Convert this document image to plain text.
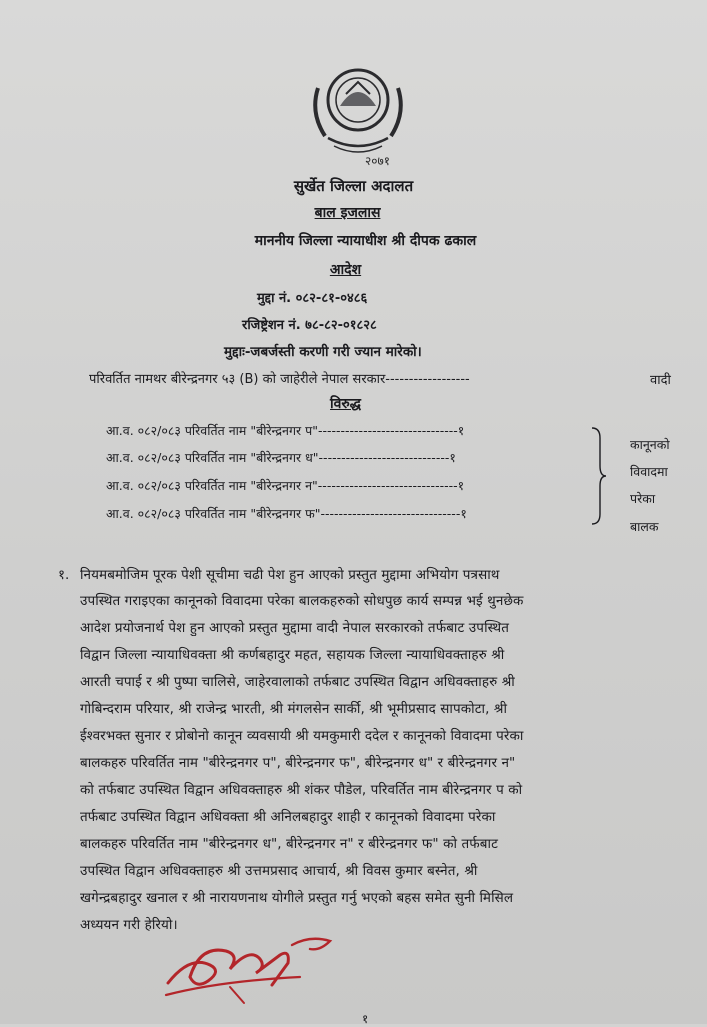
२०७१
सुर्खेत जिल्ला अदालत
बाल इजलास
माननीय जिल्ला न्यायाधीश श्री दीपक ढकाल
आदेश
मुद्दा नं. ०८२-८१-०४८६
रजिष्ट्रेशन नं. ७८-८२-०१८२८
मुद्दाः-जबर्जस्ती करणी गरी ज्यान मारेको।
परिवर्तित नामथर बीरेन्द्रनगर ५३ (B) को जाहेरीले नेपाल सरकार------------------	वादी
विरुद्ध
आ.व. ०८२/०८३ परिवर्तित नाम "बीरेन्द्रनगर प"-------------------------------१
आ.व. ०८२/०८३ परिवर्तित नाम "बीरेन्द्रनगर ध"-----------------------------१
आ.व. ०८२/०८३ परिवर्तित नाम "बीरेन्द्रनगर न"-------------------------------१
आ.व. ०८२/०८३ परिवर्तित नाम "बीरेन्द्रनगर फ"-------------------------------१
कानूनको
विवादमा
परेका
बालक
१. नियमबमोजिम पूरक पेशी सूचीमा चढी पेश हुन आएको प्रस्तुत मुद्दामा अभियोग पत्रसाथ
उपस्थित गराइएका कानूनको विवादमा परेका बालकहरुको सोधपुछ कार्य सम्पन्न भई थुनछेक
आदेश प्रयोजनार्थ पेश हुन आएको प्रस्तुत मुद्दामा वादी नेपाल सरकारको तर्फबाट उपस्थित
विद्वान जिल्ला न्यायाधिवक्ता श्री कर्णबहादुर महत, सहायक जिल्ला न्यायाधिवक्ताहरु श्री
आरती चपाई र श्री पुष्पा चालिसे, जाहेरवालाको तर्फबाट उपस्थित विद्वान अधिवक्ताहरु श्री
गोबिन्दराम परियार, श्री राजेन्द्र भारती, श्री मंगलसेन सार्की, श्री भूमीप्रसाद सापकोटा, श्री
ईश्वरभक्त सुनार र प्रोबोनो कानून व्यवसायी श्री यमकुमारी ददेल र कानूनको विवादमा परेका
बालकहरु परिवर्तित नाम "बीरेन्द्रनगर प", बीरेन्द्रनगर फ", बीरेन्द्रनगर ध" र बीरेन्द्रनगर न"
को तर्फबाट उपस्थित विद्वान अधिवक्ताहरु श्री शंकर पौडेल, परिवर्तित नाम बीरेन्द्रनगर प को
तर्फबाट उपस्थित विद्वान अधिवक्ता श्री अनिलबहादुर शाही र कानूनको विवादमा परेका
बालकहरु परिवर्तित नाम "बीरेन्द्रनगर ध", बीरेन्द्रनगर न" र बीरेन्द्रनगर फ" को तर्फबाट
उपस्थित विद्वान अधिवक्ताहरु श्री उत्तमप्रसाद आचार्य, श्री विवस कुमार बस्नेत, श्री
खगेन्द्रबहादुर खनाल र श्री नारायणनाथ योगीले प्रस्तुत गर्नु भएको बहस समेत सुनी मिसिल
अध्ययन गरी हेरियो।
१
